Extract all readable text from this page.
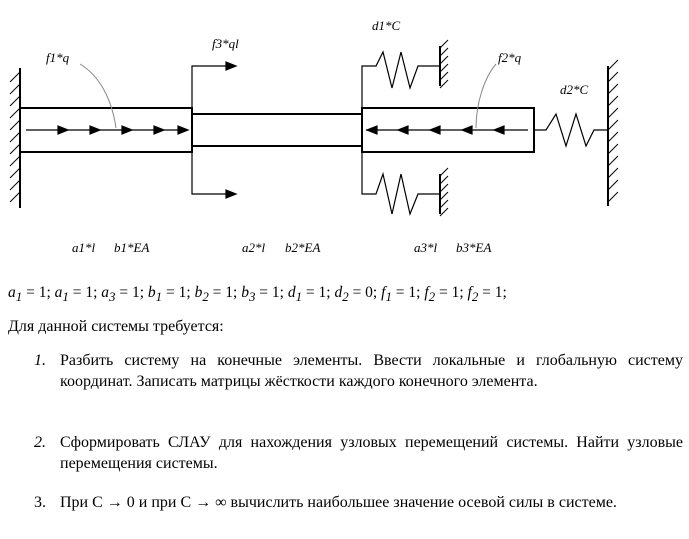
f1*q
f3*ql
d1*C
f2*q
d2*C
a1*l b1*EA	a2*l b2*EA	a3*l b3*EA
$a_1 = 1$; $a_1 = 1$; $a_3 = 1$; $b_1 = 1$; $b_2 = 1$; $b_3 = 1$; $d_1 = 1$; $d_2 = 0$; $f_1 = 1$; $f_2 = 1$; $f_2 = 1$;
Для данной системы требуется:
1. Разбить систему на конечные элементы. Ввести локальные и глобальную систему координат. Записать матрицы жёсткости каждого конечного элемента.
2. Сформировать СЛАУ для нахождения узловых перемещений системы. Найти узловые перемещения системы.
3. При C → 0 и при C → ∞ вычислить наибольшее значение осевой силы в системе.
